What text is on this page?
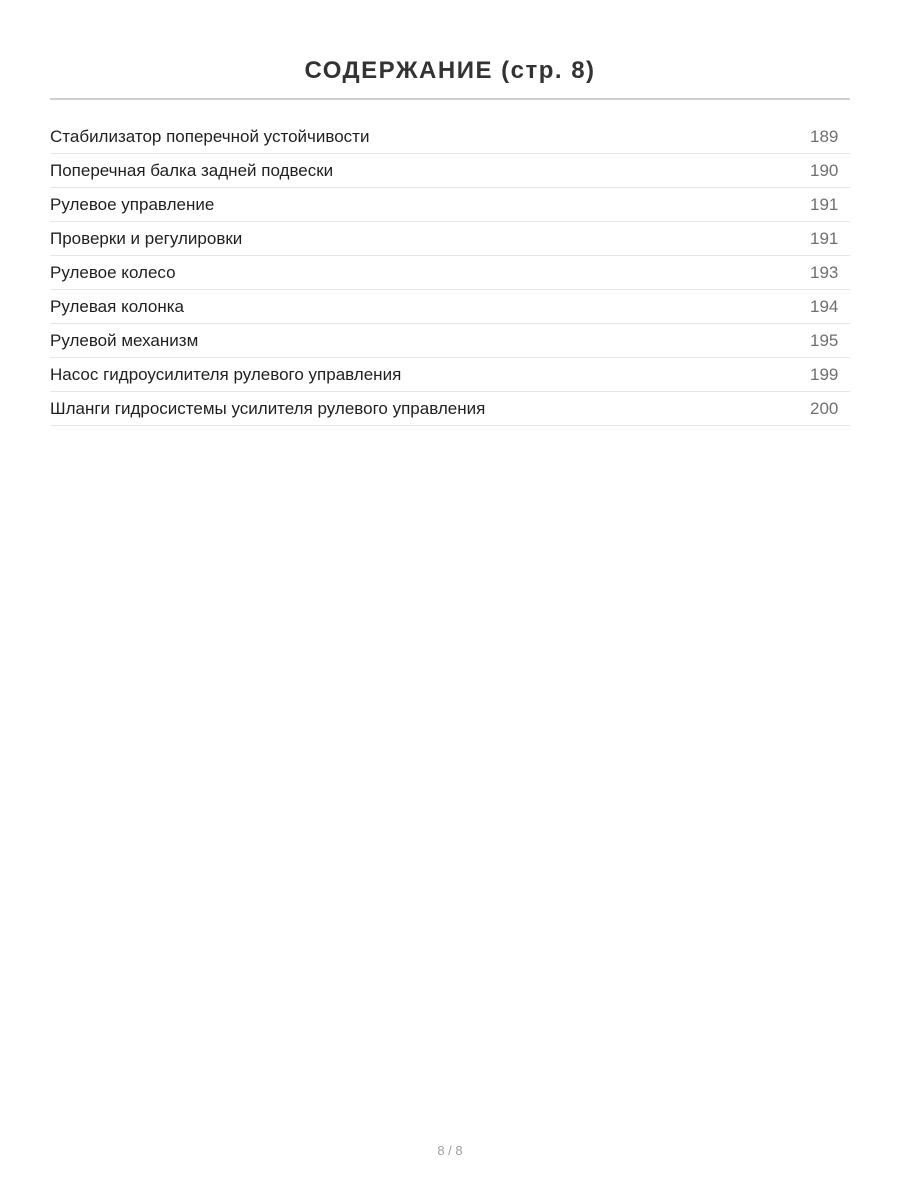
СОДЕРЖАНИЕ (стр. 8)
Стабилизатор поперечной устойчивости	189
Поперечная балка задней подвески	190
Рулевое управление	191
Проверки и регулировки	191
Рулевое колесо	193
Рулевая колонка	194
Рулевой механизм	195
Насос гидроусилителя рулевого управления	199
Шланги гидросистемы усилителя рулевого управления	200
8 / 8
